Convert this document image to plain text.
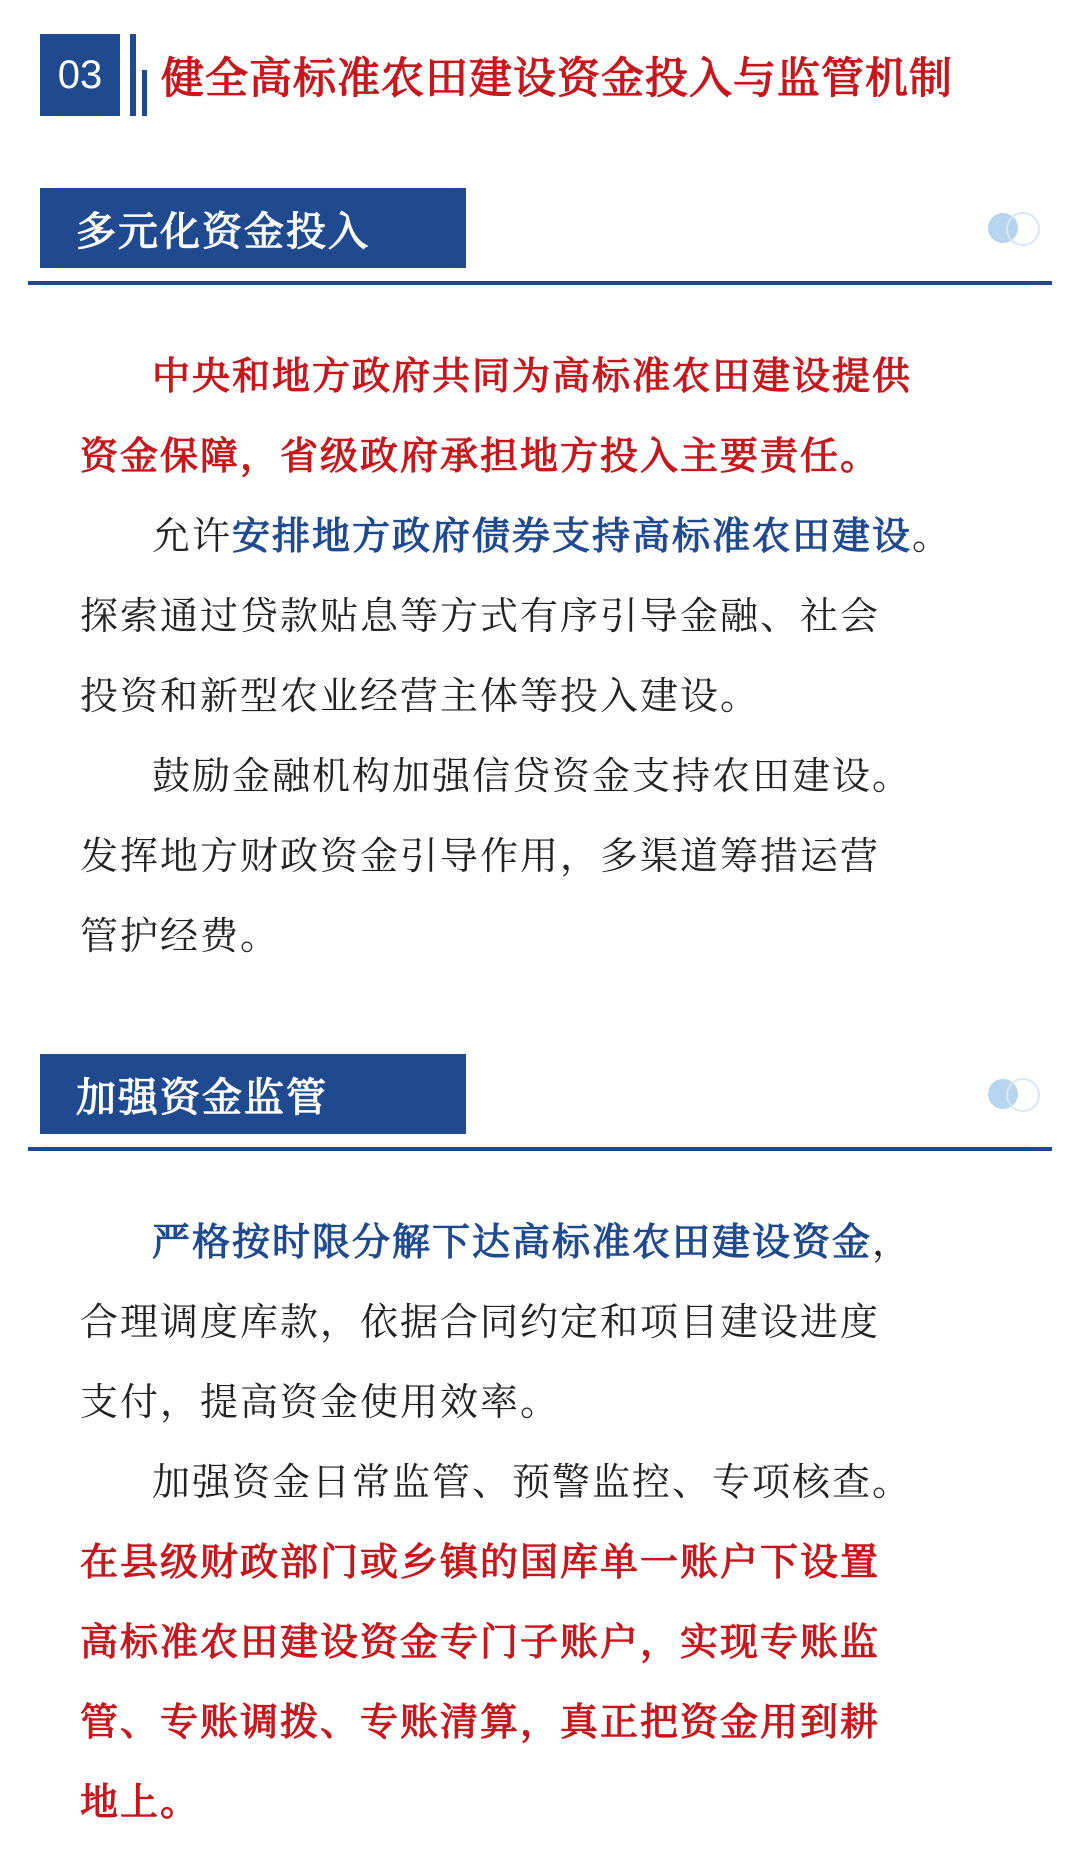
03	健全高标准农田建设资金投入与监管机制
多元化资金投入
中央和地方政府共同为高标准农田建设提供
资金保障，省级政府承担地方投入主要责任。
允许安排地方政府债券支持高标准农田建设。
探索通过贷款贴息等方式有序引导金融、社会
投资和新型农业经营主体等投入建设。
鼓励金融机构加强信贷资金支持农田建设。
发挥地方财政资金引导作用，多渠道筹措运营
管护经费。
加强资金监管
严格按时限分解下达高标准农田建设资金，
合理调度库款，依据合同约定和项目建设进度
支付，提高资金使用效率。
加强资金日常监管、预警监控、专项核查。
在县级财政部门或乡镇的国库单一账户下设置
高标准农田建设资金专门子账户，实现专账监
管、专账调拨、专账清算，真正把资金用到耕
地上。
